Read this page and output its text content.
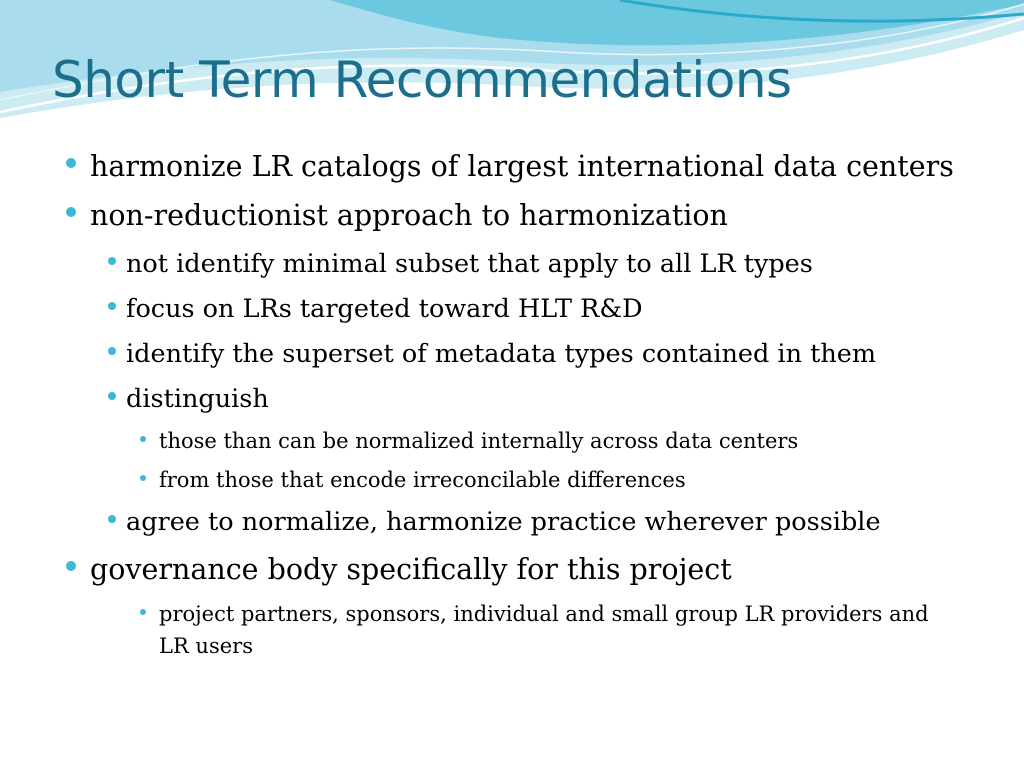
Short Term Recommendations
harmonize LR catalogs of largest international data centers
non-reductionist approach to harmonization
not identify minimal subset that apply to all LR types
focus on LRs targeted toward HLT R&D
identify the superset of metadata types contained in them
distinguish
those than can be normalized internally across data centers
from those that encode irreconcilable differences
agree to normalize, harmonize practice wherever possible
governance body specifically for this project
project partners, sponsors, individual and small group LR providers and LR users
